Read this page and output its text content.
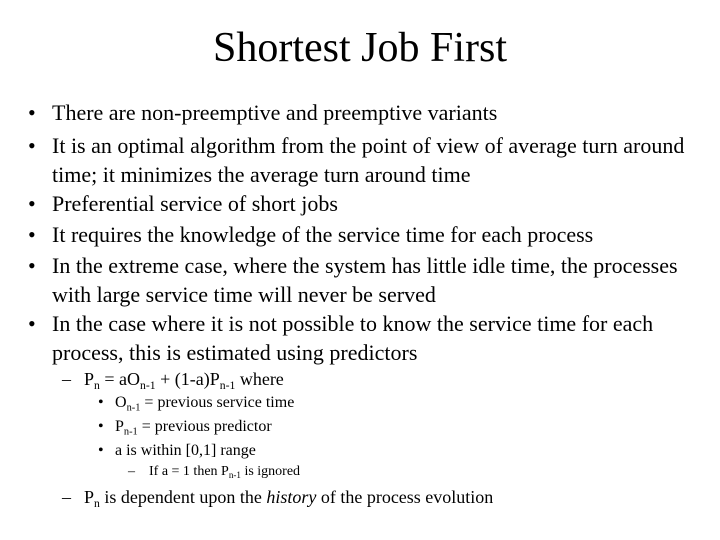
Shortest Job First
• There are non-preemptive and preemptive variants
• It is an optimal algorithm from the point of view of average turn around time; it minimizes the average turn around time
• Preferential service of short jobs
• It requires the knowledge of the service time for each process
• In the extreme case, where the system has little idle time, the processes with large service time will never be served
• In the case where it is not possible to know the service time for each process, this is estimated using predictors
– $P_n = aO_{n-1} + (1-a)P_{n-1}$ where
• $O_{n-1}$ = previous service time
• $P_{n-1}$ = previous predictor
• a is within [0,1] range
– If a = 1 then $P_{n-1}$ is ignored
– $P_n$ is dependent upon the history of the process evolution
